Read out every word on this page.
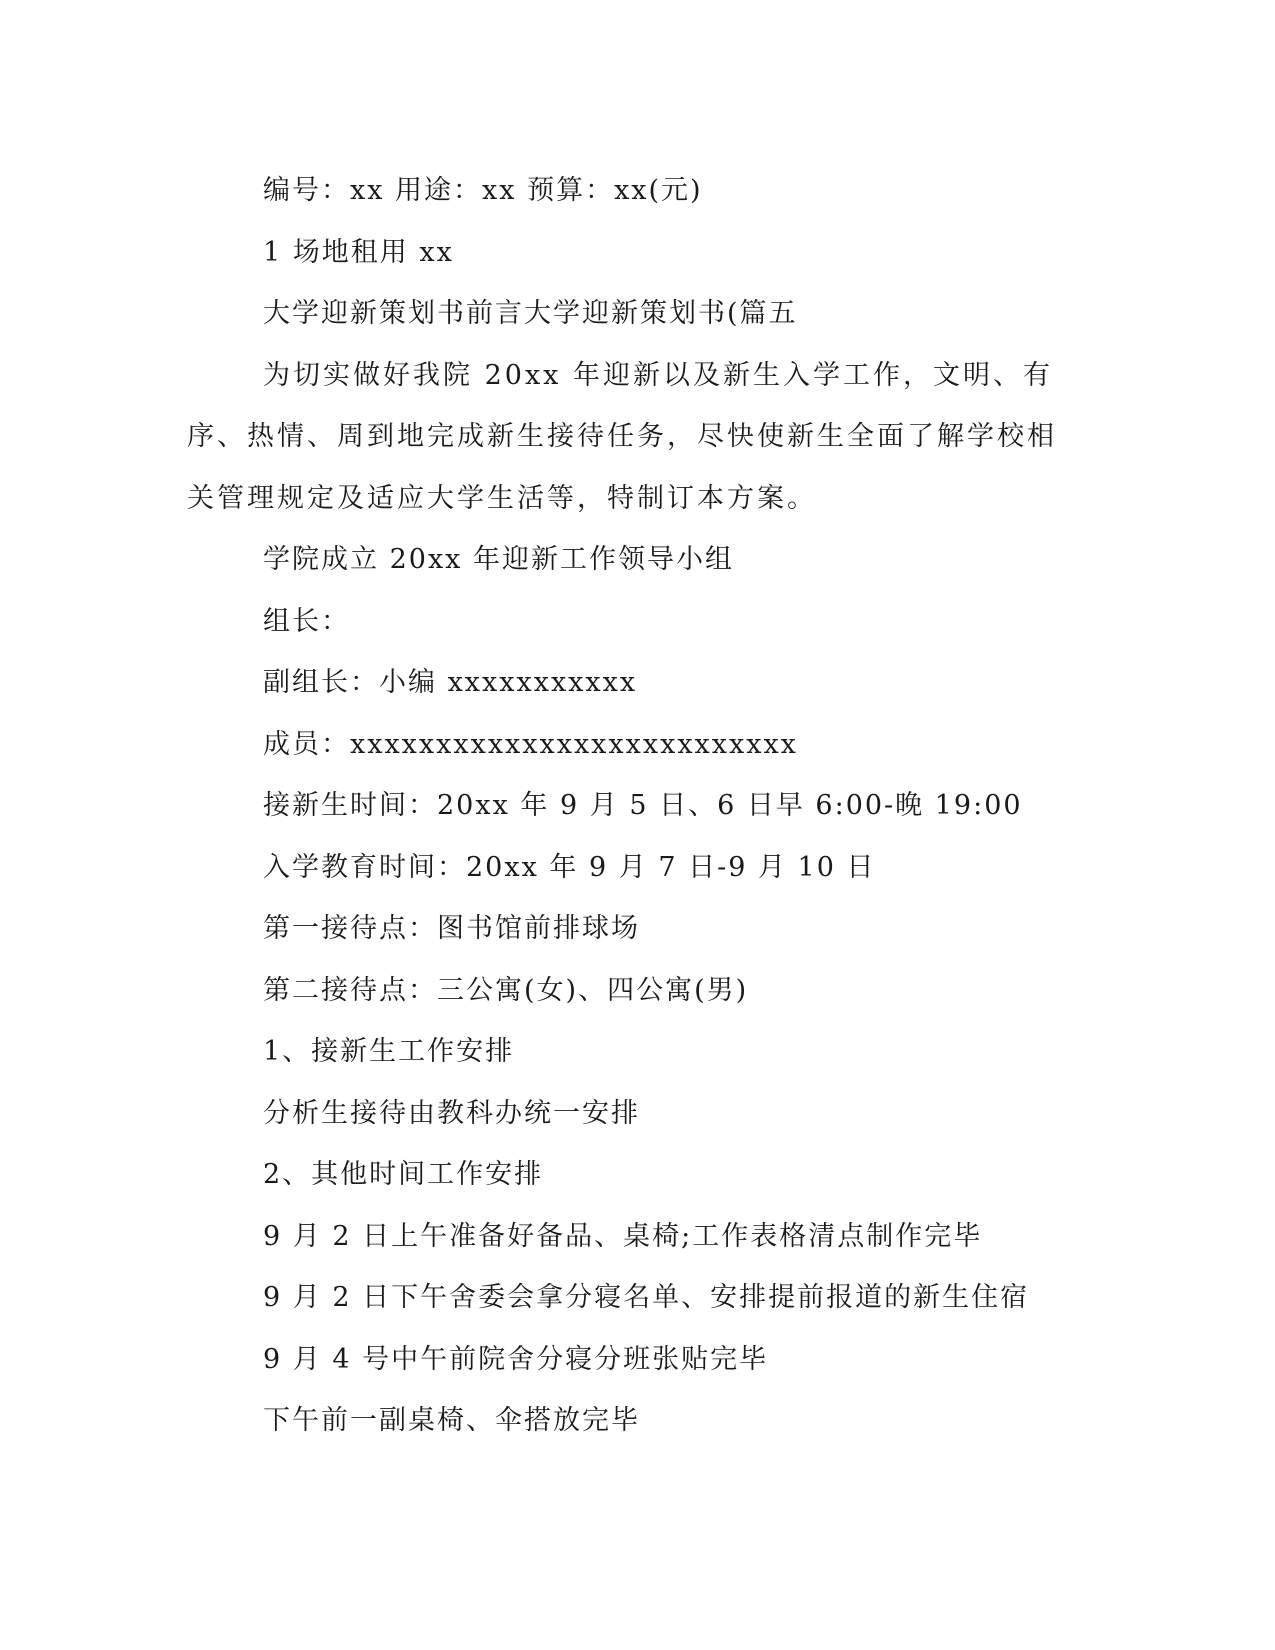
编号：xx 用途：xx 预算：xx(元)
1 场地租用 xx
大学迎新策划书前言大学迎新策划书(篇五
为切实做好我院 20xx 年迎新以及新生入学工作，文明、有序、热情、周到地完成新生接待任务，尽快使新生全面了解学校相关管理规定及适应大学生活等，特制订本方案。
学院成立 20xx 年迎新工作领导小组
组长：
副组长：小编 xxxxxxxxxxx
成员：xxxxxxxxxxxxxxxxxxxxxxxxxx
接新生时间：20xx 年 9 月 5 日、6 日早 6:00-晚 19:00
入学教育时间：20xx 年 9 月 7 日-9 月 10 日
第一接待点：图书馆前排球场
第二接待点：三公寓(女)、四公寓(男)
1、接新生工作安排
分析生接待由教科办统一安排
2、其他时间工作安排
9 月 2 日上午准备好备品、桌椅;工作表格清点制作完毕
9 月 2 日下午舍委会拿分寝名单、安排提前报道的新生住宿
9 月 4 号中午前院舍分寝分班张贴完毕
下午前一副桌椅、伞搭放完毕
